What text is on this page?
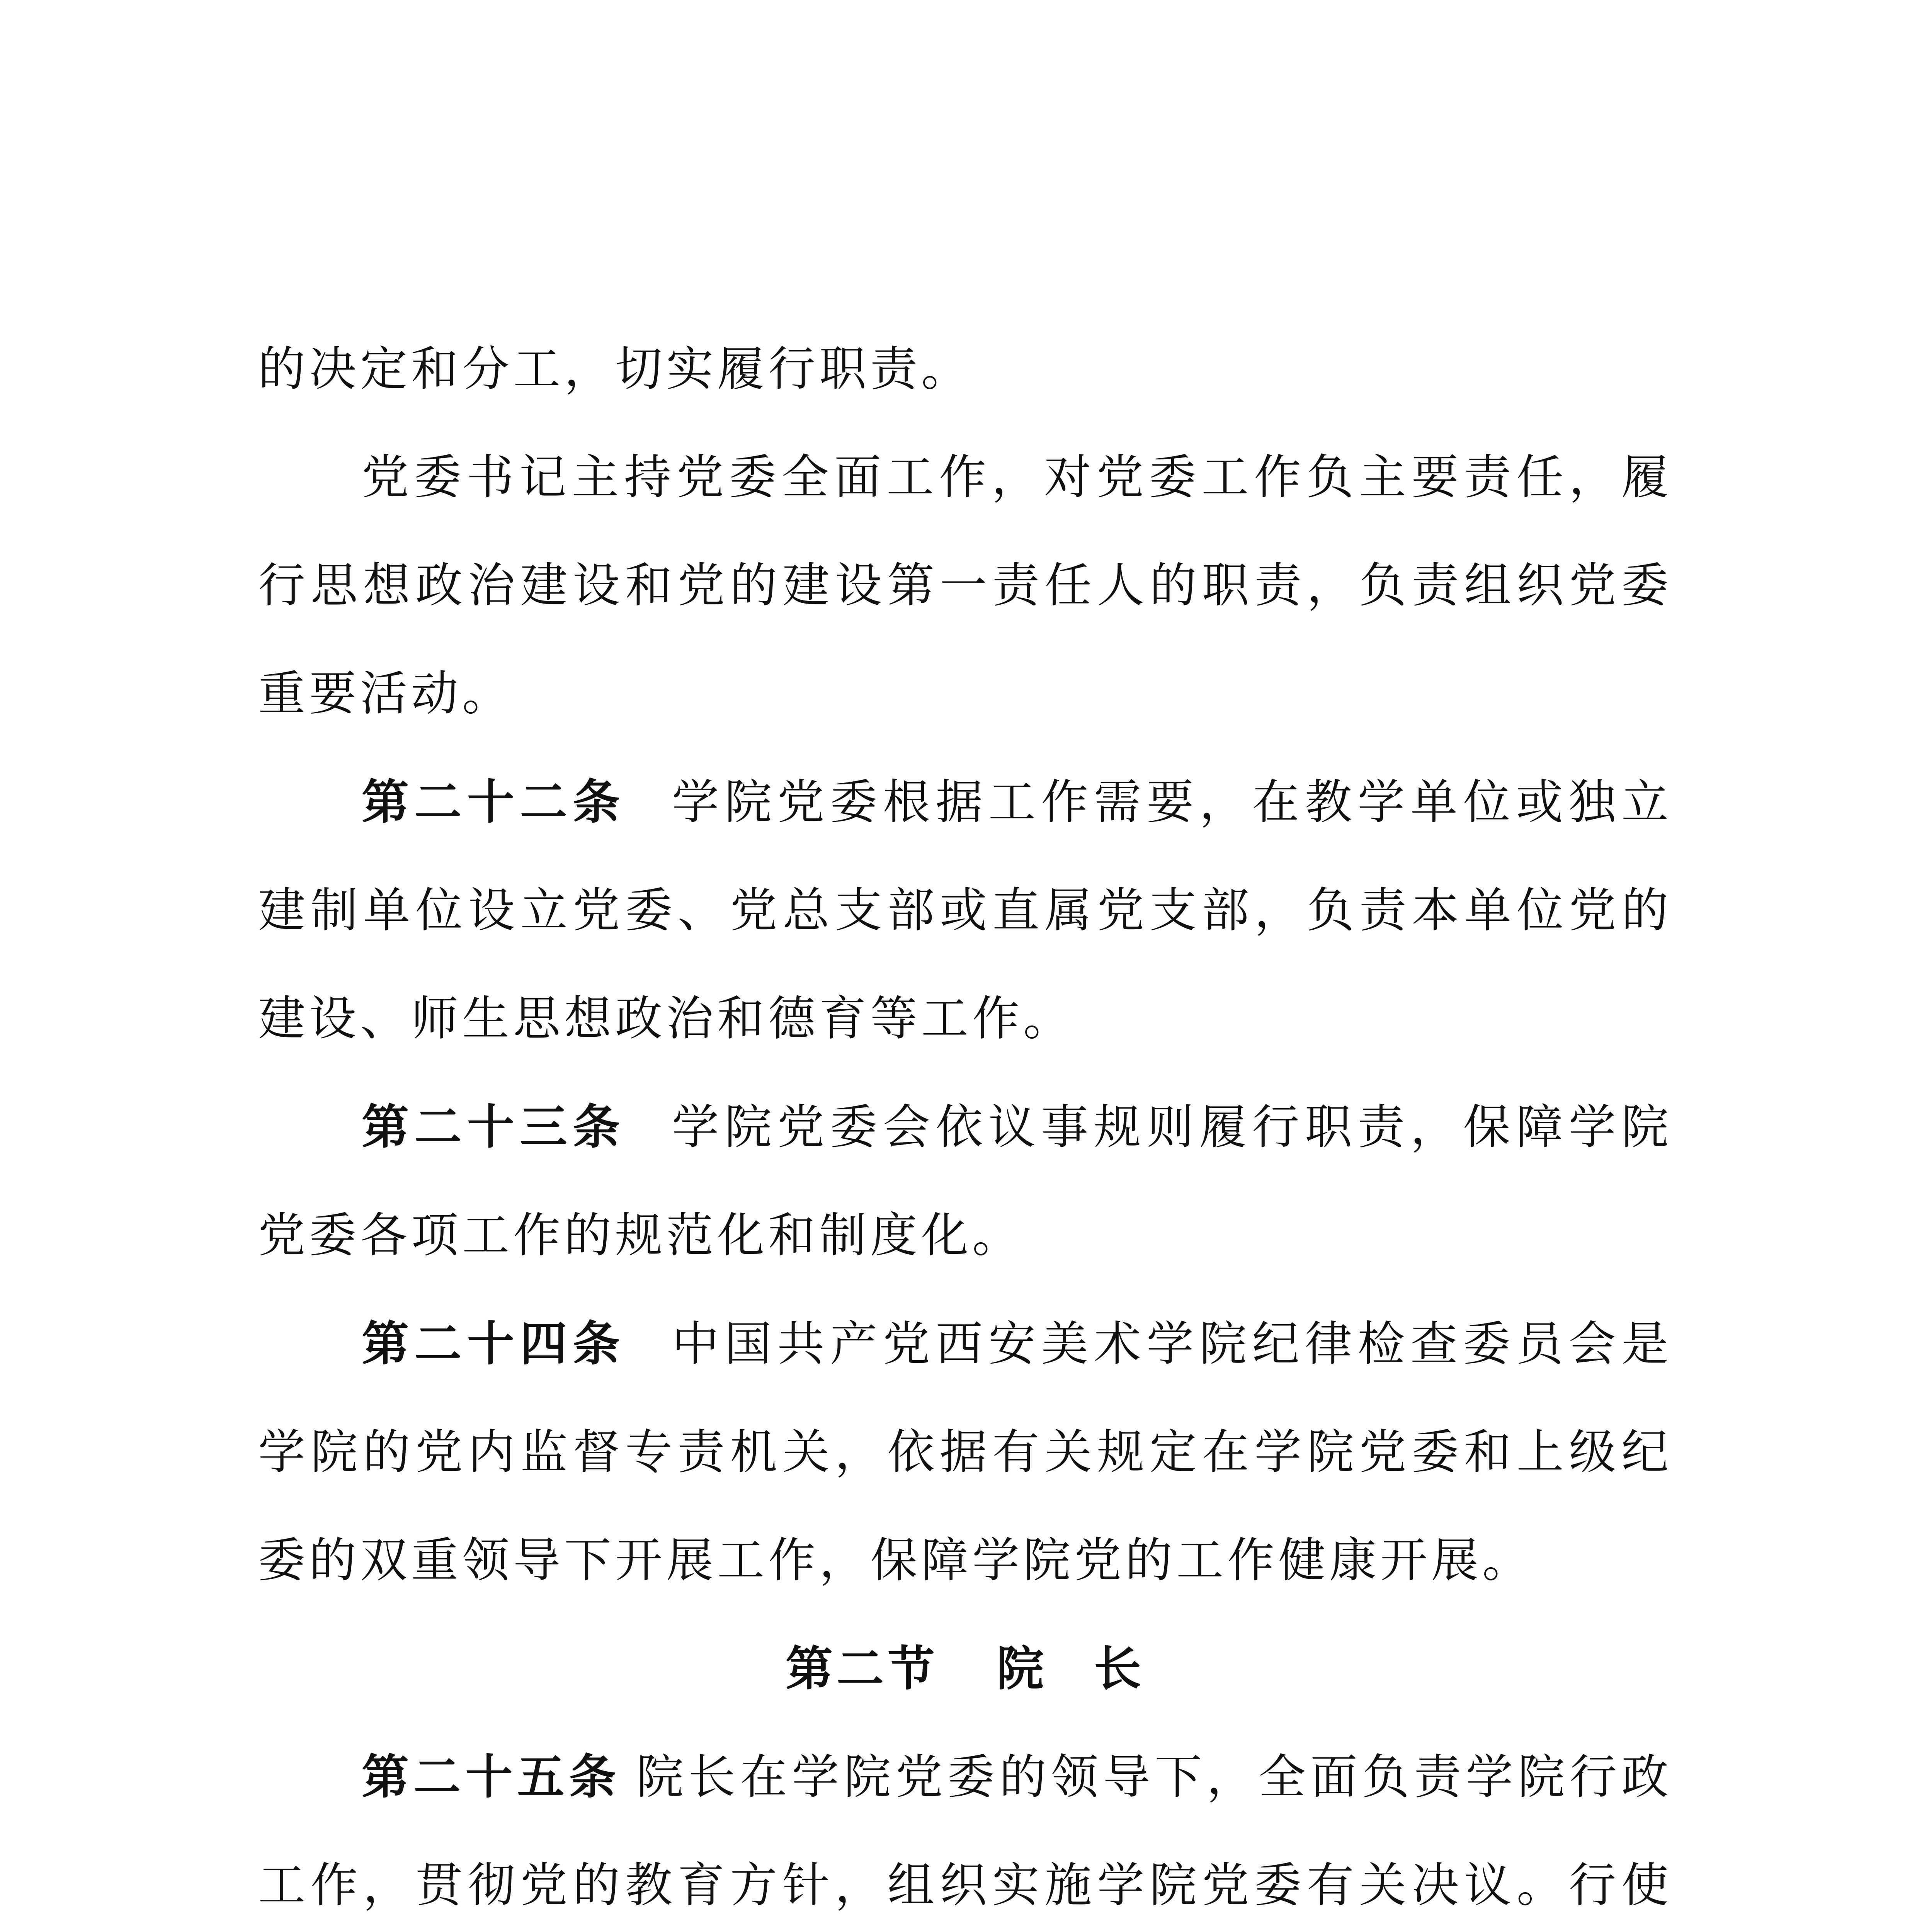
的决定和分工，切实履行职责。

党委书记主持党委全面工作，对党委工作负主要责任，履行思想政治建设和党的建设第一责任人的职责，负责组织党委重要活动。

第二十二条 学院党委根据工作需要，在教学单位或独立建制单位设立党委、党总支部或直属党支部，负责本单位党的建设、师生思想政治和德育等工作。

第二十三条 学院党委会依议事规则履行职责，保障学院党委各项工作的规范化和制度化。

第二十四条 中国共产党西安美术学院纪律检查委员会是学院的党内监督专责机关，依据有关规定在学院党委和上级纪委的双重领导下开展工作，保障学院党的工作健康开展。

第二节 院 长

第二十五条 院长在学院党委的领导下，全面负责学院行政工作，贯彻党的教育方针，组织实施学院党委有关决议。行使
